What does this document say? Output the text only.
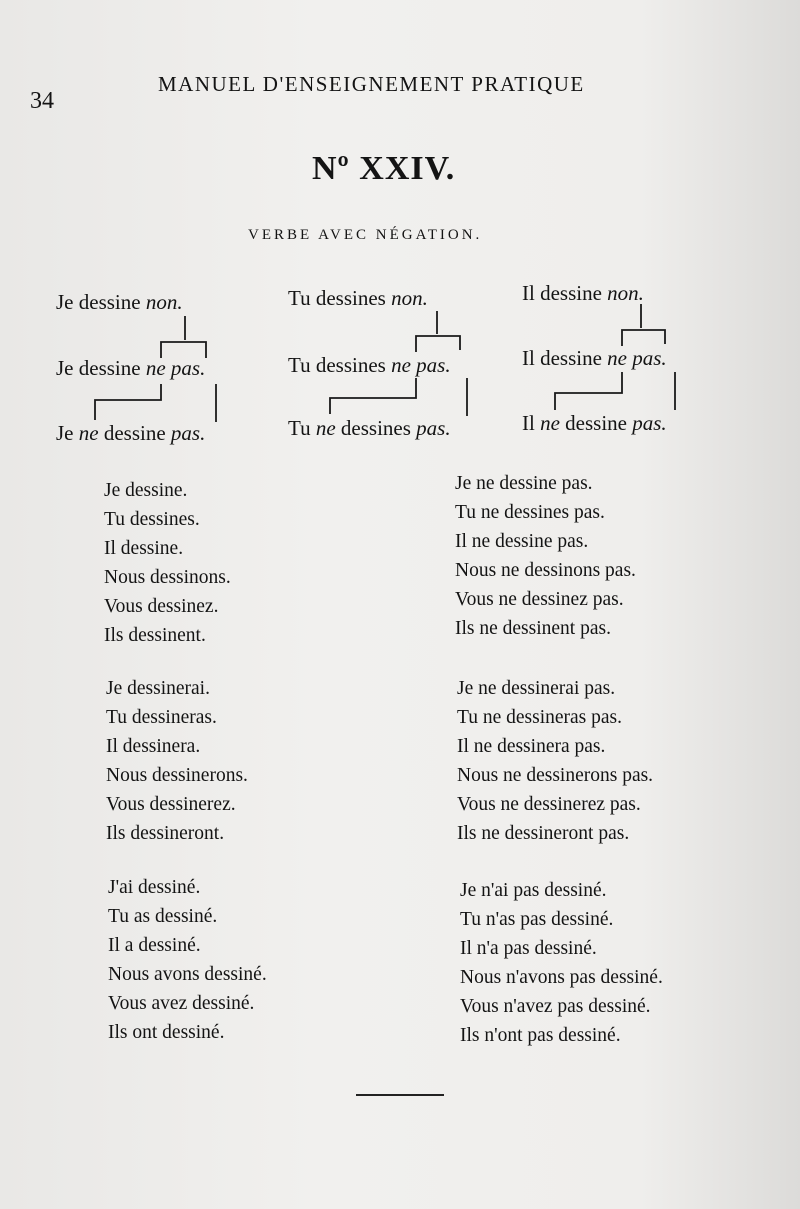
34
MANUEL D'ENSEIGNEMENT PRATIQUE
Nº XXIV.
VERBE AVEC NÉGATION.
Je dessine non.
Je dessine ne pas.
Je ne dessine pas.
Tu dessines non.
Tu dessines ne pas.
Tu ne dessines pas.
Il dessine non.
Il dessine ne pas.
Il ne dessine pas.
Je dessine.
Tu dessines.
Il dessine.
Nous dessinons.
Vous dessinez.
Ils dessinent.
Je ne dessine pas.
Tu ne dessines pas.
Il ne dessine pas.
Nous ne dessinons pas.
Vous ne dessinez pas.
Ils ne dessinent pas.
Je dessinerai.
Tu dessineras.
Il dessinera.
Nous dessinerons.
Vous dessinerez.
Ils dessineront.
Je ne dessinerai pas.
Tu ne dessineras pas.
Il ne dessinera pas.
Nous ne dessinerons pas.
Vous ne dessinerez pas.
Ils ne dessineront pas.
J'ai dessiné.
Tu as dessiné.
Il a dessiné.
Nous avons dessiné.
Vous avez dessiné.
Ils ont dessiné.
Je n'ai pas dessiné.
Tu n'as pas dessiné.
Il n'a pas dessiné.
Nous n'avons pas dessiné.
Vous n'avez pas dessiné.
Ils n'ont pas dessiné.
